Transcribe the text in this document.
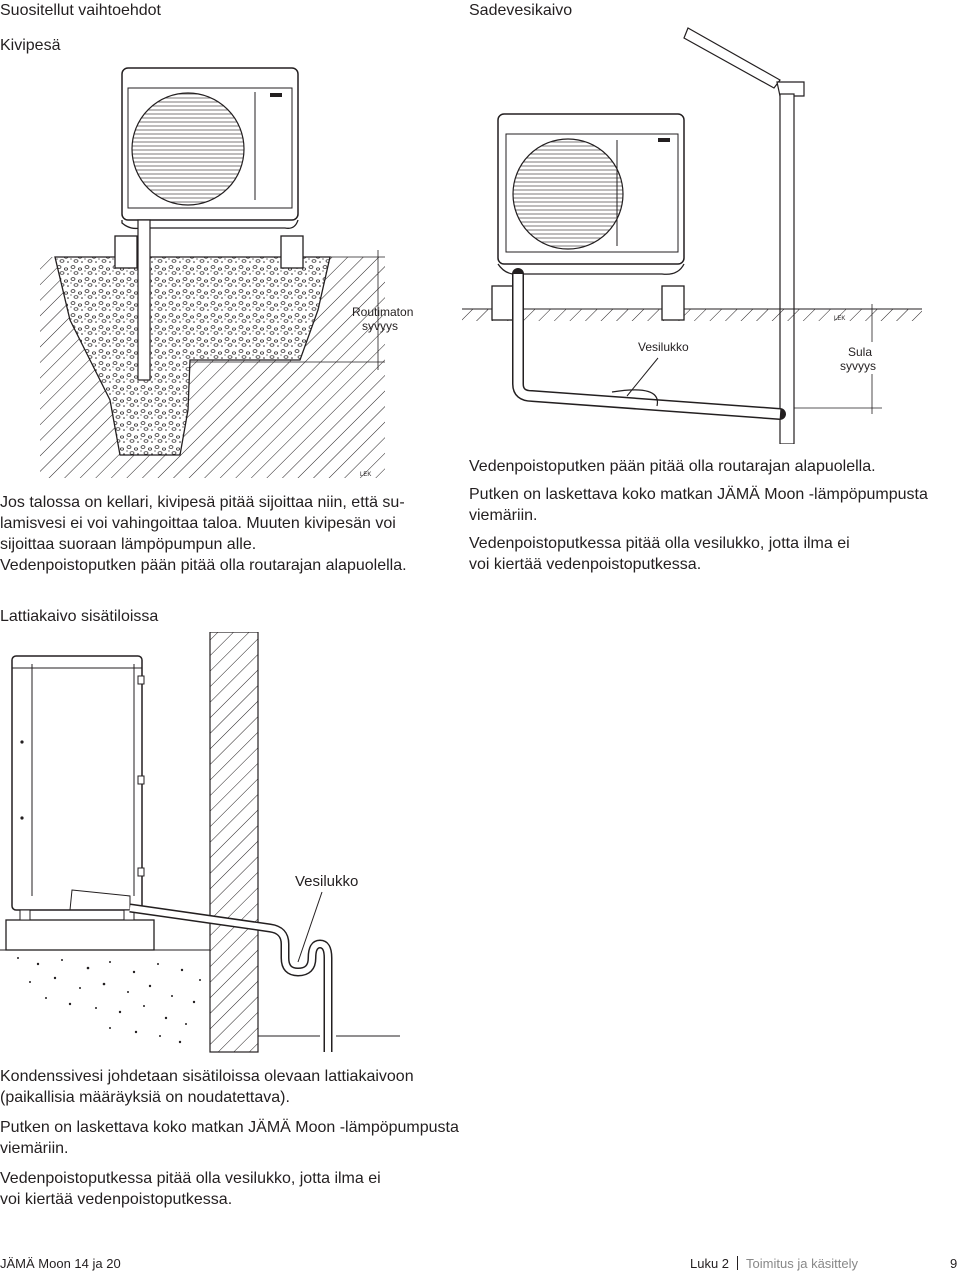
Suositellut vaihtoehdot	Sadevesikaivo

Kivipesä

Routimaton
syvyys
LEK
Vesilukko	Sula
syvyys
LEK
Jos talossa on kellari, kivipesä pitää sijoittaa niin, että su-
lamisvesi ei voi vahingoittaa taloa. Muuten kivipesän voi
sijoittaa suoraan lämpöpumpun alle.
Vedenpoistoputken pään pitää olla routarajan alapuolella.
Vedenpoistoputken pään pitää olla routarajan alapuolella.
Putken on laskettava koko matkan JÄMÄ Moon -lämpöpumpusta
viemäriin.
Vedenpoistoputkessa pitää olla vesilukko, jotta ilma ei
voi kiertää vedenpoistoputkessa.

Lattiakaivo sisätiloissa

Vesilukko
Kondenssivesi johdetaan sisätiloissa olevaan lattiakaivoon
(paikallisia määräyksiä on noudatettava).
Putken on laskettava koko matkan JÄMÄ Moon -lämpöpumpusta
viemäriin.
Vedenpoistoputkessa pitää olla vesilukko, jotta ilma ei
voi kiertää vedenpoistoputkessa.
JÄMÄ Moon 14 ja 20	Luku 2 Toimitus ja käsittely	9
